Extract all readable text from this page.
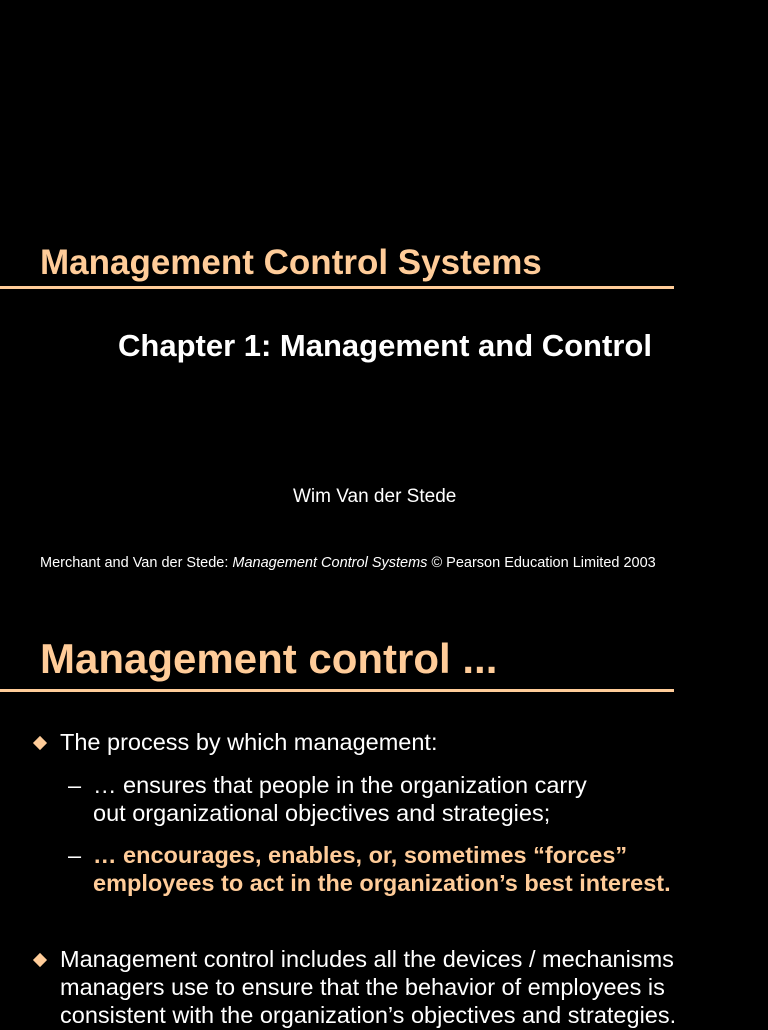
Management Control Systems
Chapter 1: Management and Control
Wim Van der Stede
Merchant and Van der Stede: Management Control Systems © Pearson Education Limited 2003
Management control ...
The process by which management:
– … ensures that people in the organization carry
out organizational objectives and strategies;
– … encourages, enables, or, sometimes “forces”
employees to act in the organization’s best interest.
Management control includes all the devices / mechanisms
managers use to ensure that the behavior of employees is
consistent with the organization’s objectives and strategies.
